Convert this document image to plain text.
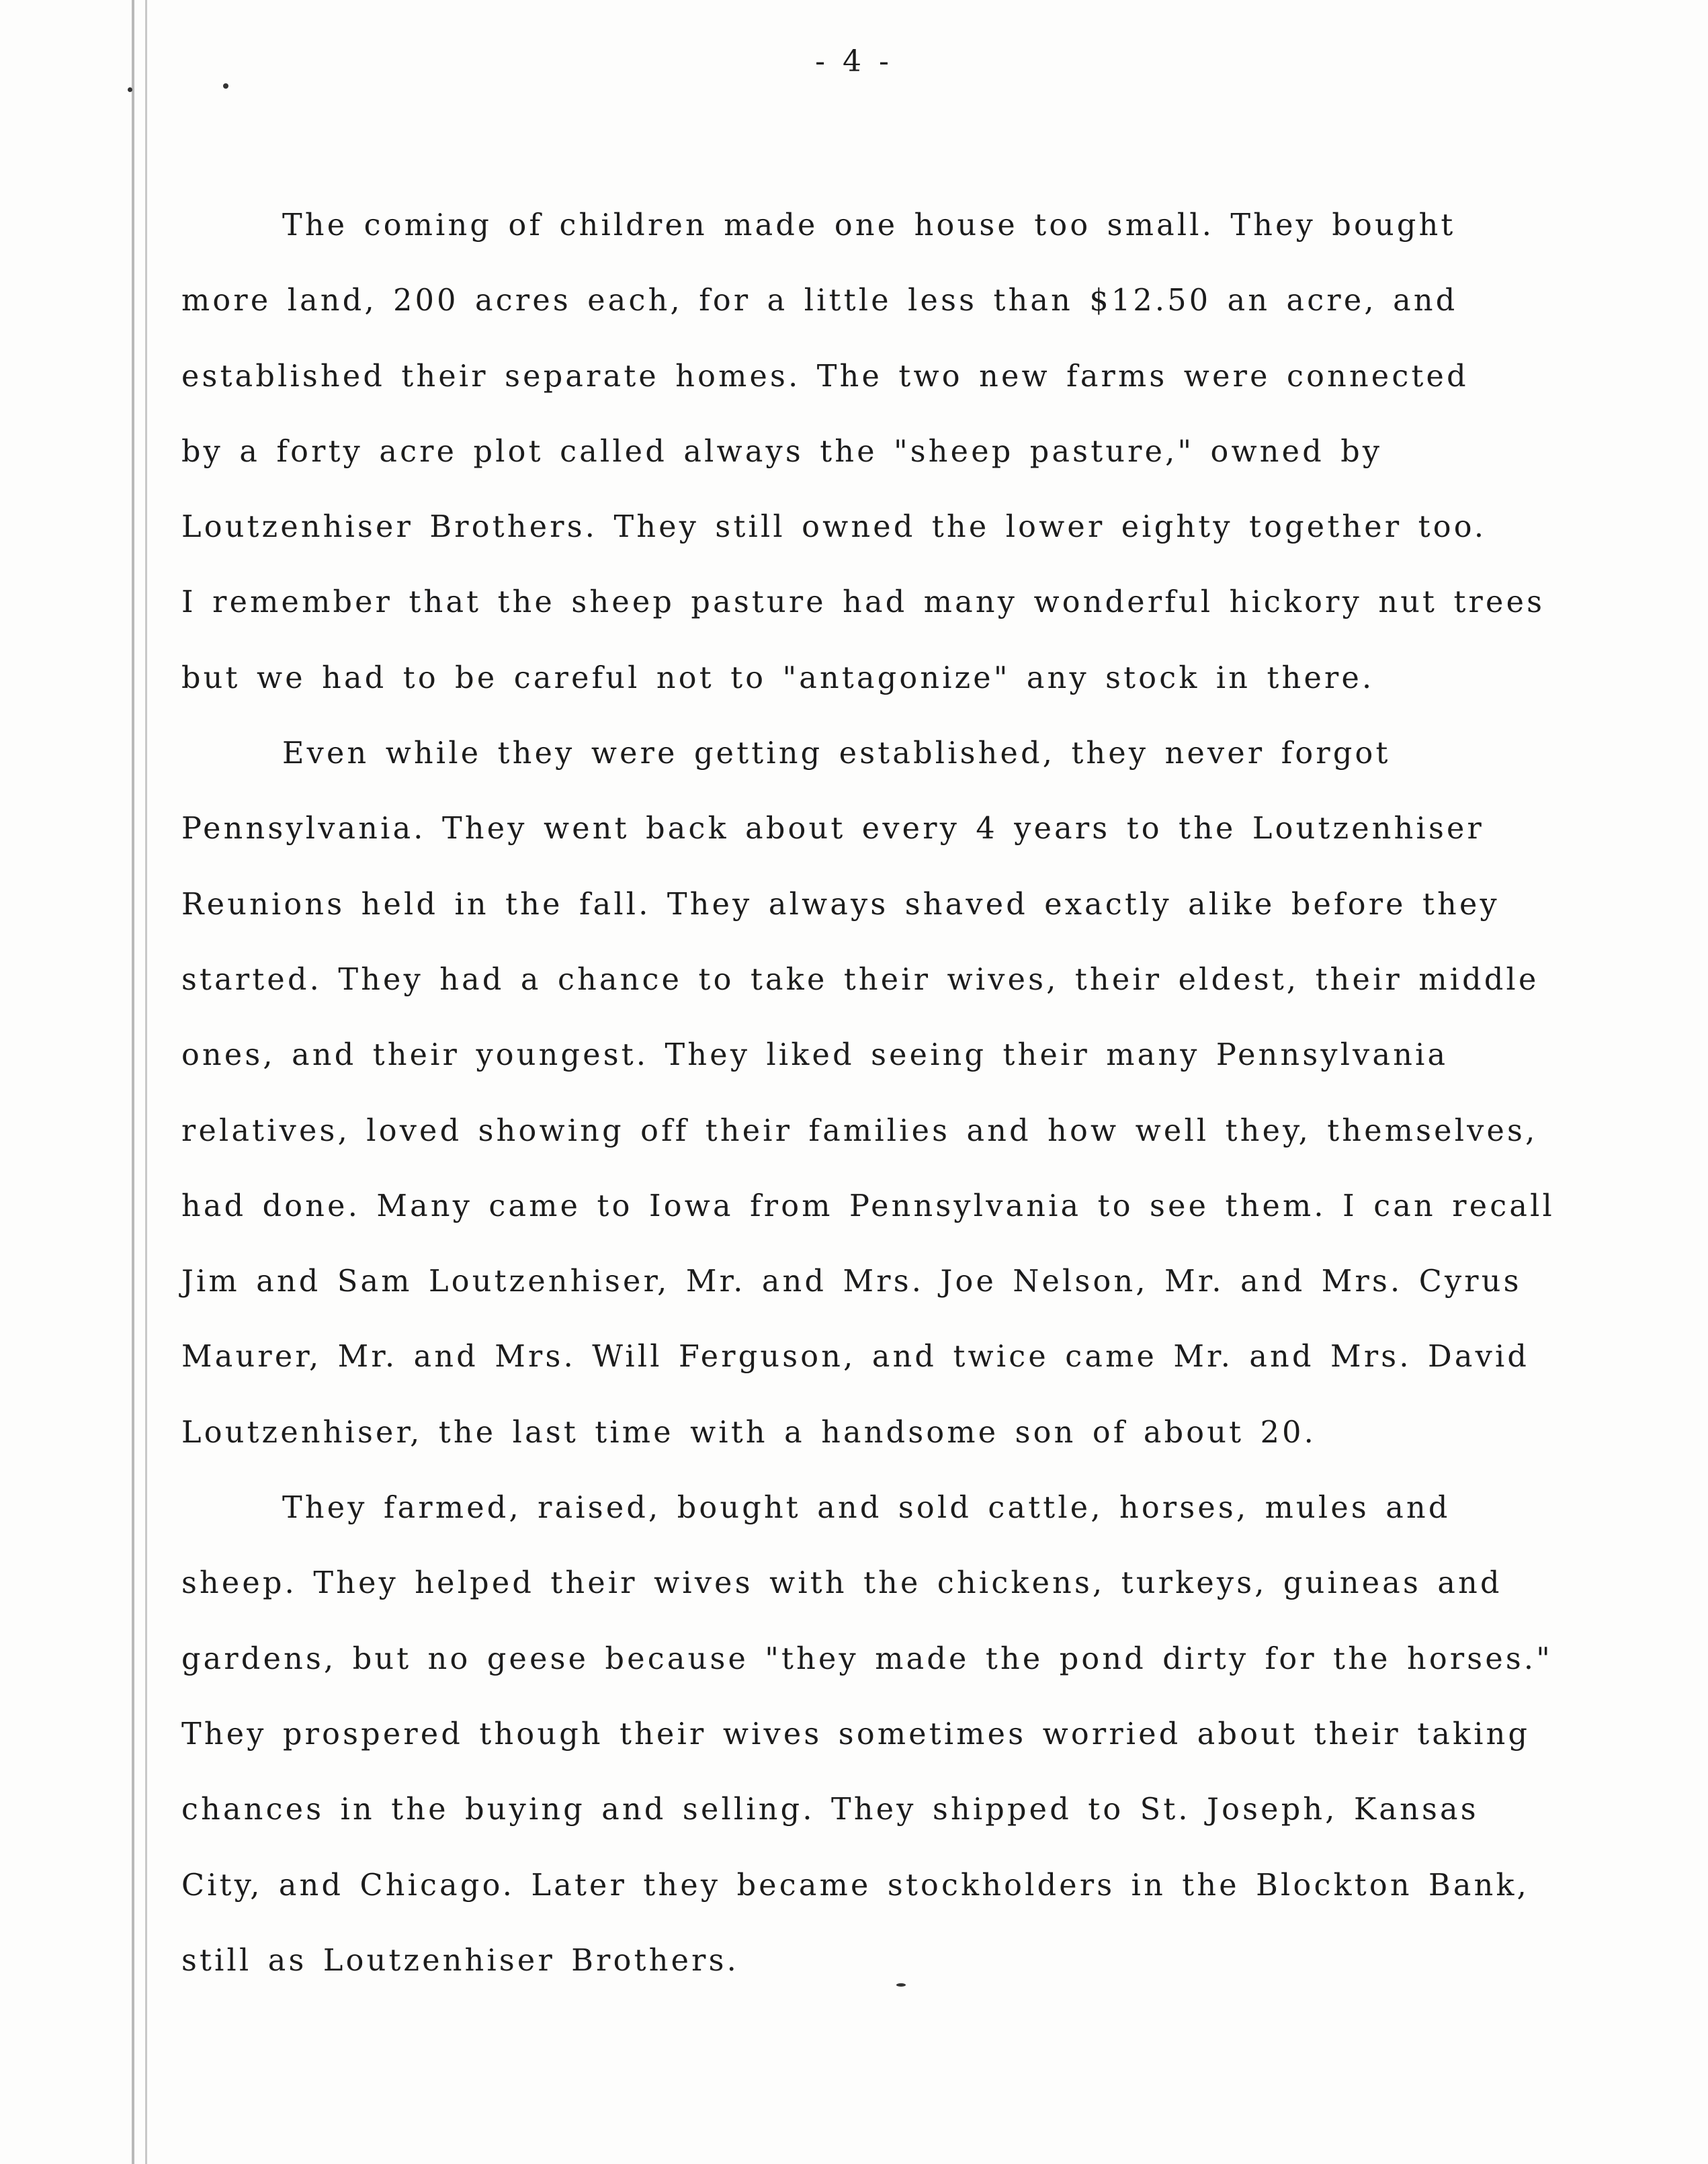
- 4 -
The coming of children made one house too small. They bought
more land, 200 acres each, for a little less than $12.50 an acre, and
established their separate homes. The two new farms were connected
by a forty acre plot called always the "sheep pasture," owned by
Loutzenhiser Brothers. They still owned the lower eighty together too.
I remember that the sheep pasture had many wonderful hickory nut trees
but we had to be careful not to "antagonize" any stock in there.
Even while they were getting established, they never forgot
Pennsylvania. They went back about every 4 years to the Loutzenhiser
Reunions held in the fall. They always shaved exactly alike before they
started. They had a chance to take their wives, their eldest, their middle
ones, and their youngest. They liked seeing their many Pennsylvania
relatives, loved showing off their families and how well they, themselves,
had done. Many came to Iowa from Pennsylvania to see them. I can recall
Jim and Sam Loutzenhiser, Mr. and Mrs. Joe Nelson, Mr. and Mrs. Cyrus
Maurer, Mr. and Mrs. Will Ferguson, and twice came Mr. and Mrs. David
Loutzenhiser, the last time with a handsome son of about 20.
They farmed, raised, bought and sold cattle, horses, mules and
sheep. They helped their wives with the chickens, turkeys, guineas and
gardens, but no geese because "they made the pond dirty for the horses."
They prospered though their wives sometimes worried about their taking
chances in the buying and selling. They shipped to St. Joseph, Kansas
City, and Chicago. Later they became stockholders in the Blockton Bank,
still as Loutzenhiser Brothers.
